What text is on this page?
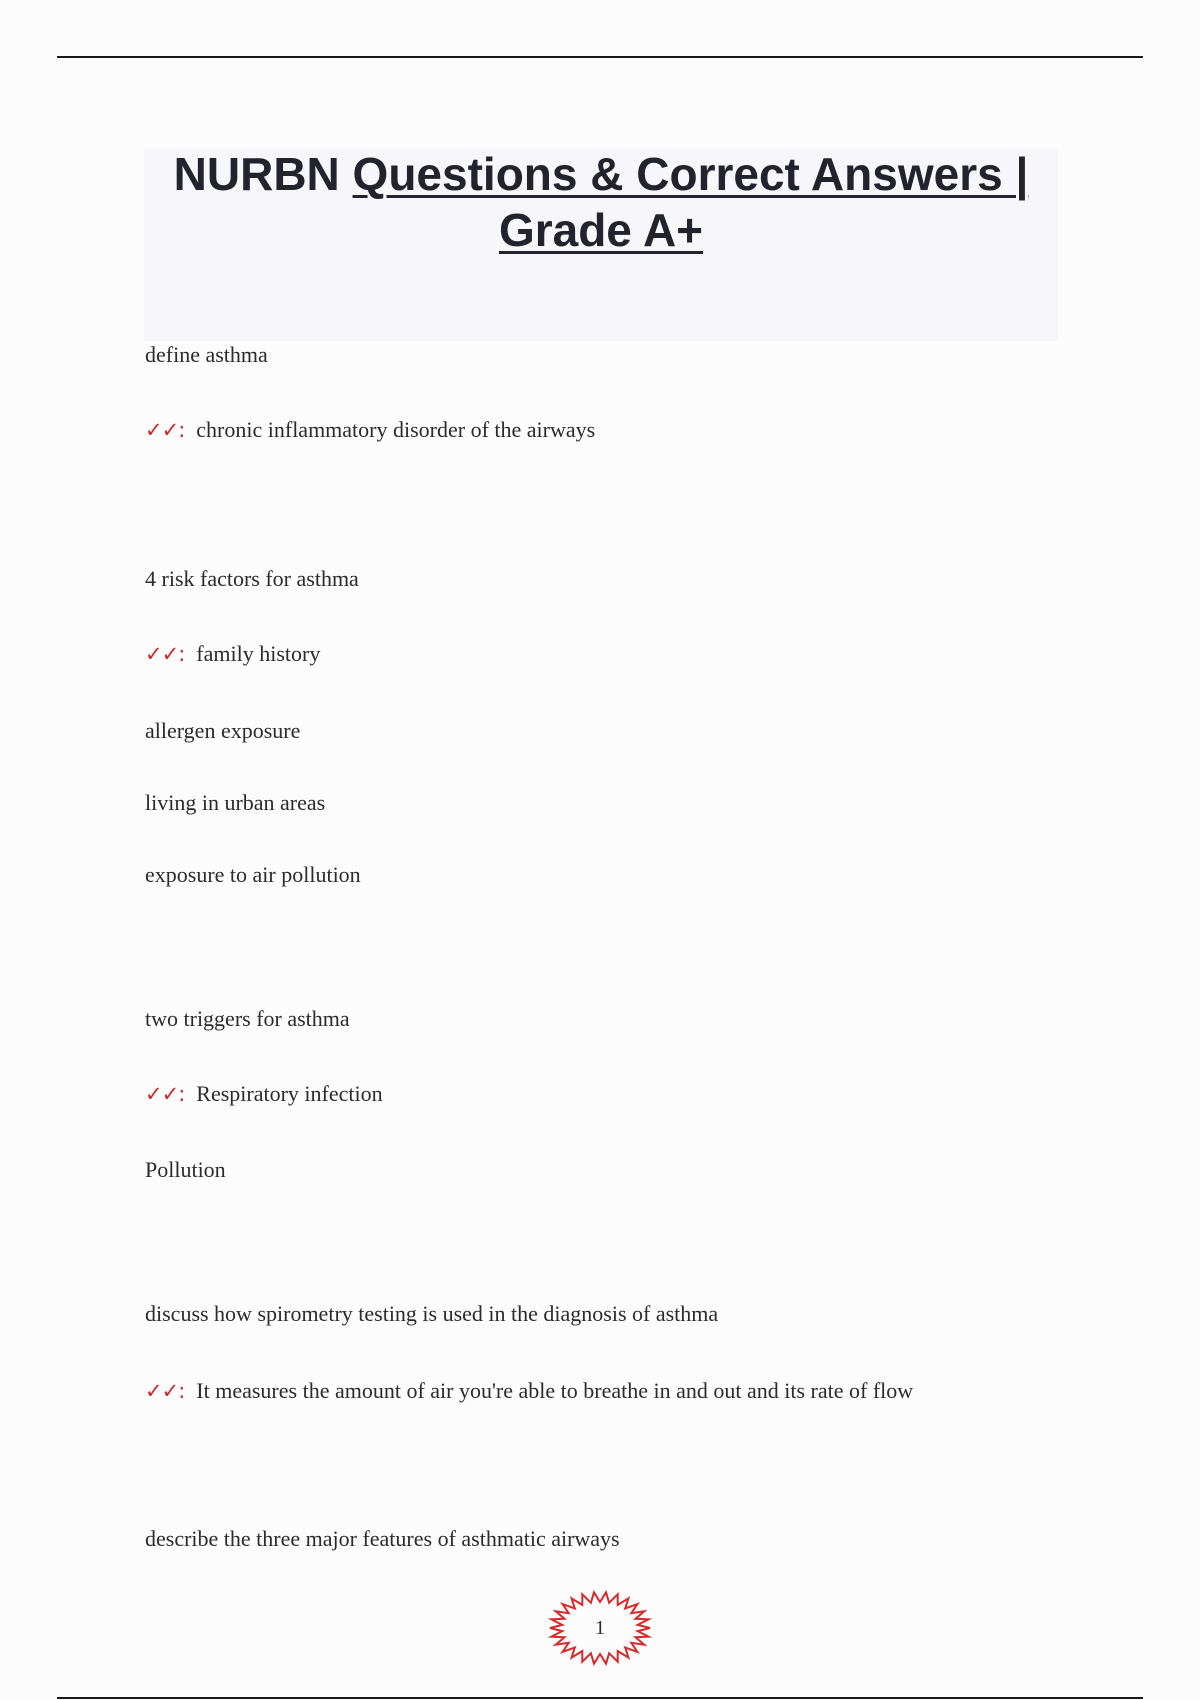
NURBN Questions & Correct Answers |
Grade A+
define asthma
✓✓: chronic inflammatory disorder of the airways
4 risk factors for asthma
✓✓: family history
allergen exposure
living in urban areas
exposure to air pollution
two triggers for asthma
✓✓: Respiratory infection
Pollution
discuss how spirometry testing is used in the diagnosis of asthma
✓✓: It measures the amount of air you're able to breathe in and out and its rate of flow
describe the three major features of asthmatic airways
1
